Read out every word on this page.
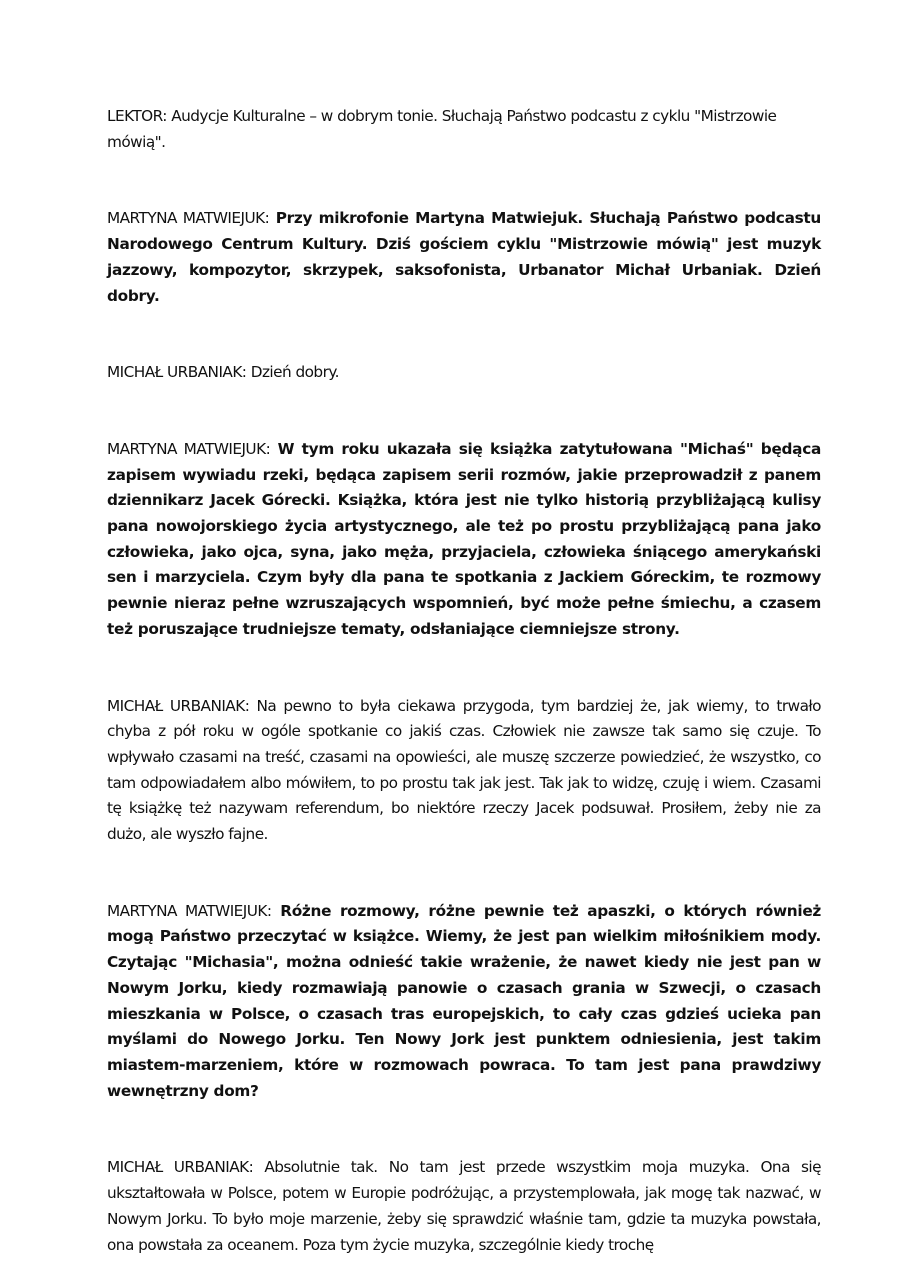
LEKTOR: Audycje Kulturalne – w dobrym tonie. Słuchają Państwo podcastu z cyklu "Mistrzowie mówią".

MARTYNA MATWIEJUK: Przy mikrofonie Martyna Matwiejuk. Słuchają Państwo podcastu Narodowego Centrum Kultury. Dziś gościem cyklu "Mistrzowie mówią" jest muzyk jazzowy, kompozytor, skrzypek, saksofonista, Urbanator Michał Urbaniak. Dzień dobry.

MICHAŁ URBANIAK: Dzień dobry.

MARTYNA MATWIEJUK: W tym roku ukazała się książka zatytułowana "Michaś" będąca zapisem wywiadu rzeki, będąca zapisem serii rozmów, jakie przeprowadził z panem dziennikarz Jacek Górecki. Książka, która jest nie tylko historią przybliżającą kulisy pana nowojorskiego życia artystycznego, ale też po prostu przybliżającą pana jako człowieka, jako ojca, syna, jako męża, przyjaciela, człowieka śniącego amerykański sen i marzyciela. Czym były dla pana te spotkania z Jackiem Góreckim, te rozmowy pewnie nieraz pełne wzruszających wspomnień, być może pełne śmiechu, a czasem też poruszające trudniejsze tematy, odsłaniające ciemniejsze strony.

MICHAŁ URBANIAK: Na pewno to była ciekawa przygoda, tym bardziej że, jak wiemy, to trwało chyba z pół roku w ogóle spotkanie co jakiś czas. Człowiek nie zawsze tak samo się czuje. To wpływało czasami na treść, czasami na opowieści, ale muszę szczerze powiedzieć, że wszystko, co tam odpowiadałem albo mówiłem, to po prostu tak jak jest. Tak jak to widzę, czuję i wiem. Czasami tę książkę też nazywam referendum, bo niektóre rzeczy Jacek podsuwał. Prosiłem, żeby nie za dużo, ale wyszło fajne.

MARTYNA MATWIEJUK: Różne rozmowy, różne pewnie też apaszki, o których również mogą Państwo przeczytać w książce. Wiemy, że jest pan wielkim miłośnikiem mody. Czytając "Michasia", można odnieść takie wrażenie, że nawet kiedy nie jest pan w Nowym Jorku, kiedy rozmawiają panowie o czasach grania w Szwecji, o czasach mieszkania w Polsce, o czasach tras europejskich, to cały czas gdzieś ucieka pan myślami do Nowego Jorku. Ten Nowy Jork jest punktem odniesienia, jest takim miastem-marzeniem, które w rozmowach powraca. To tam jest pana prawdziwy wewnętrzny dom?

MICHAŁ URBANIAK: Absolutnie tak. No tam jest przede wszystkim moja muzyka. Ona się ukształtowała w Polsce, potem w Europie podróżując, a przystemplowała, jak mogę tak nazwać, w Nowym Jorku. To było moje marzenie, żeby się sprawdzić właśnie tam, gdzie ta muzyka powstała, ona powstała za oceanem. Poza tym życie muzyka, szczególnie kiedy trochę
